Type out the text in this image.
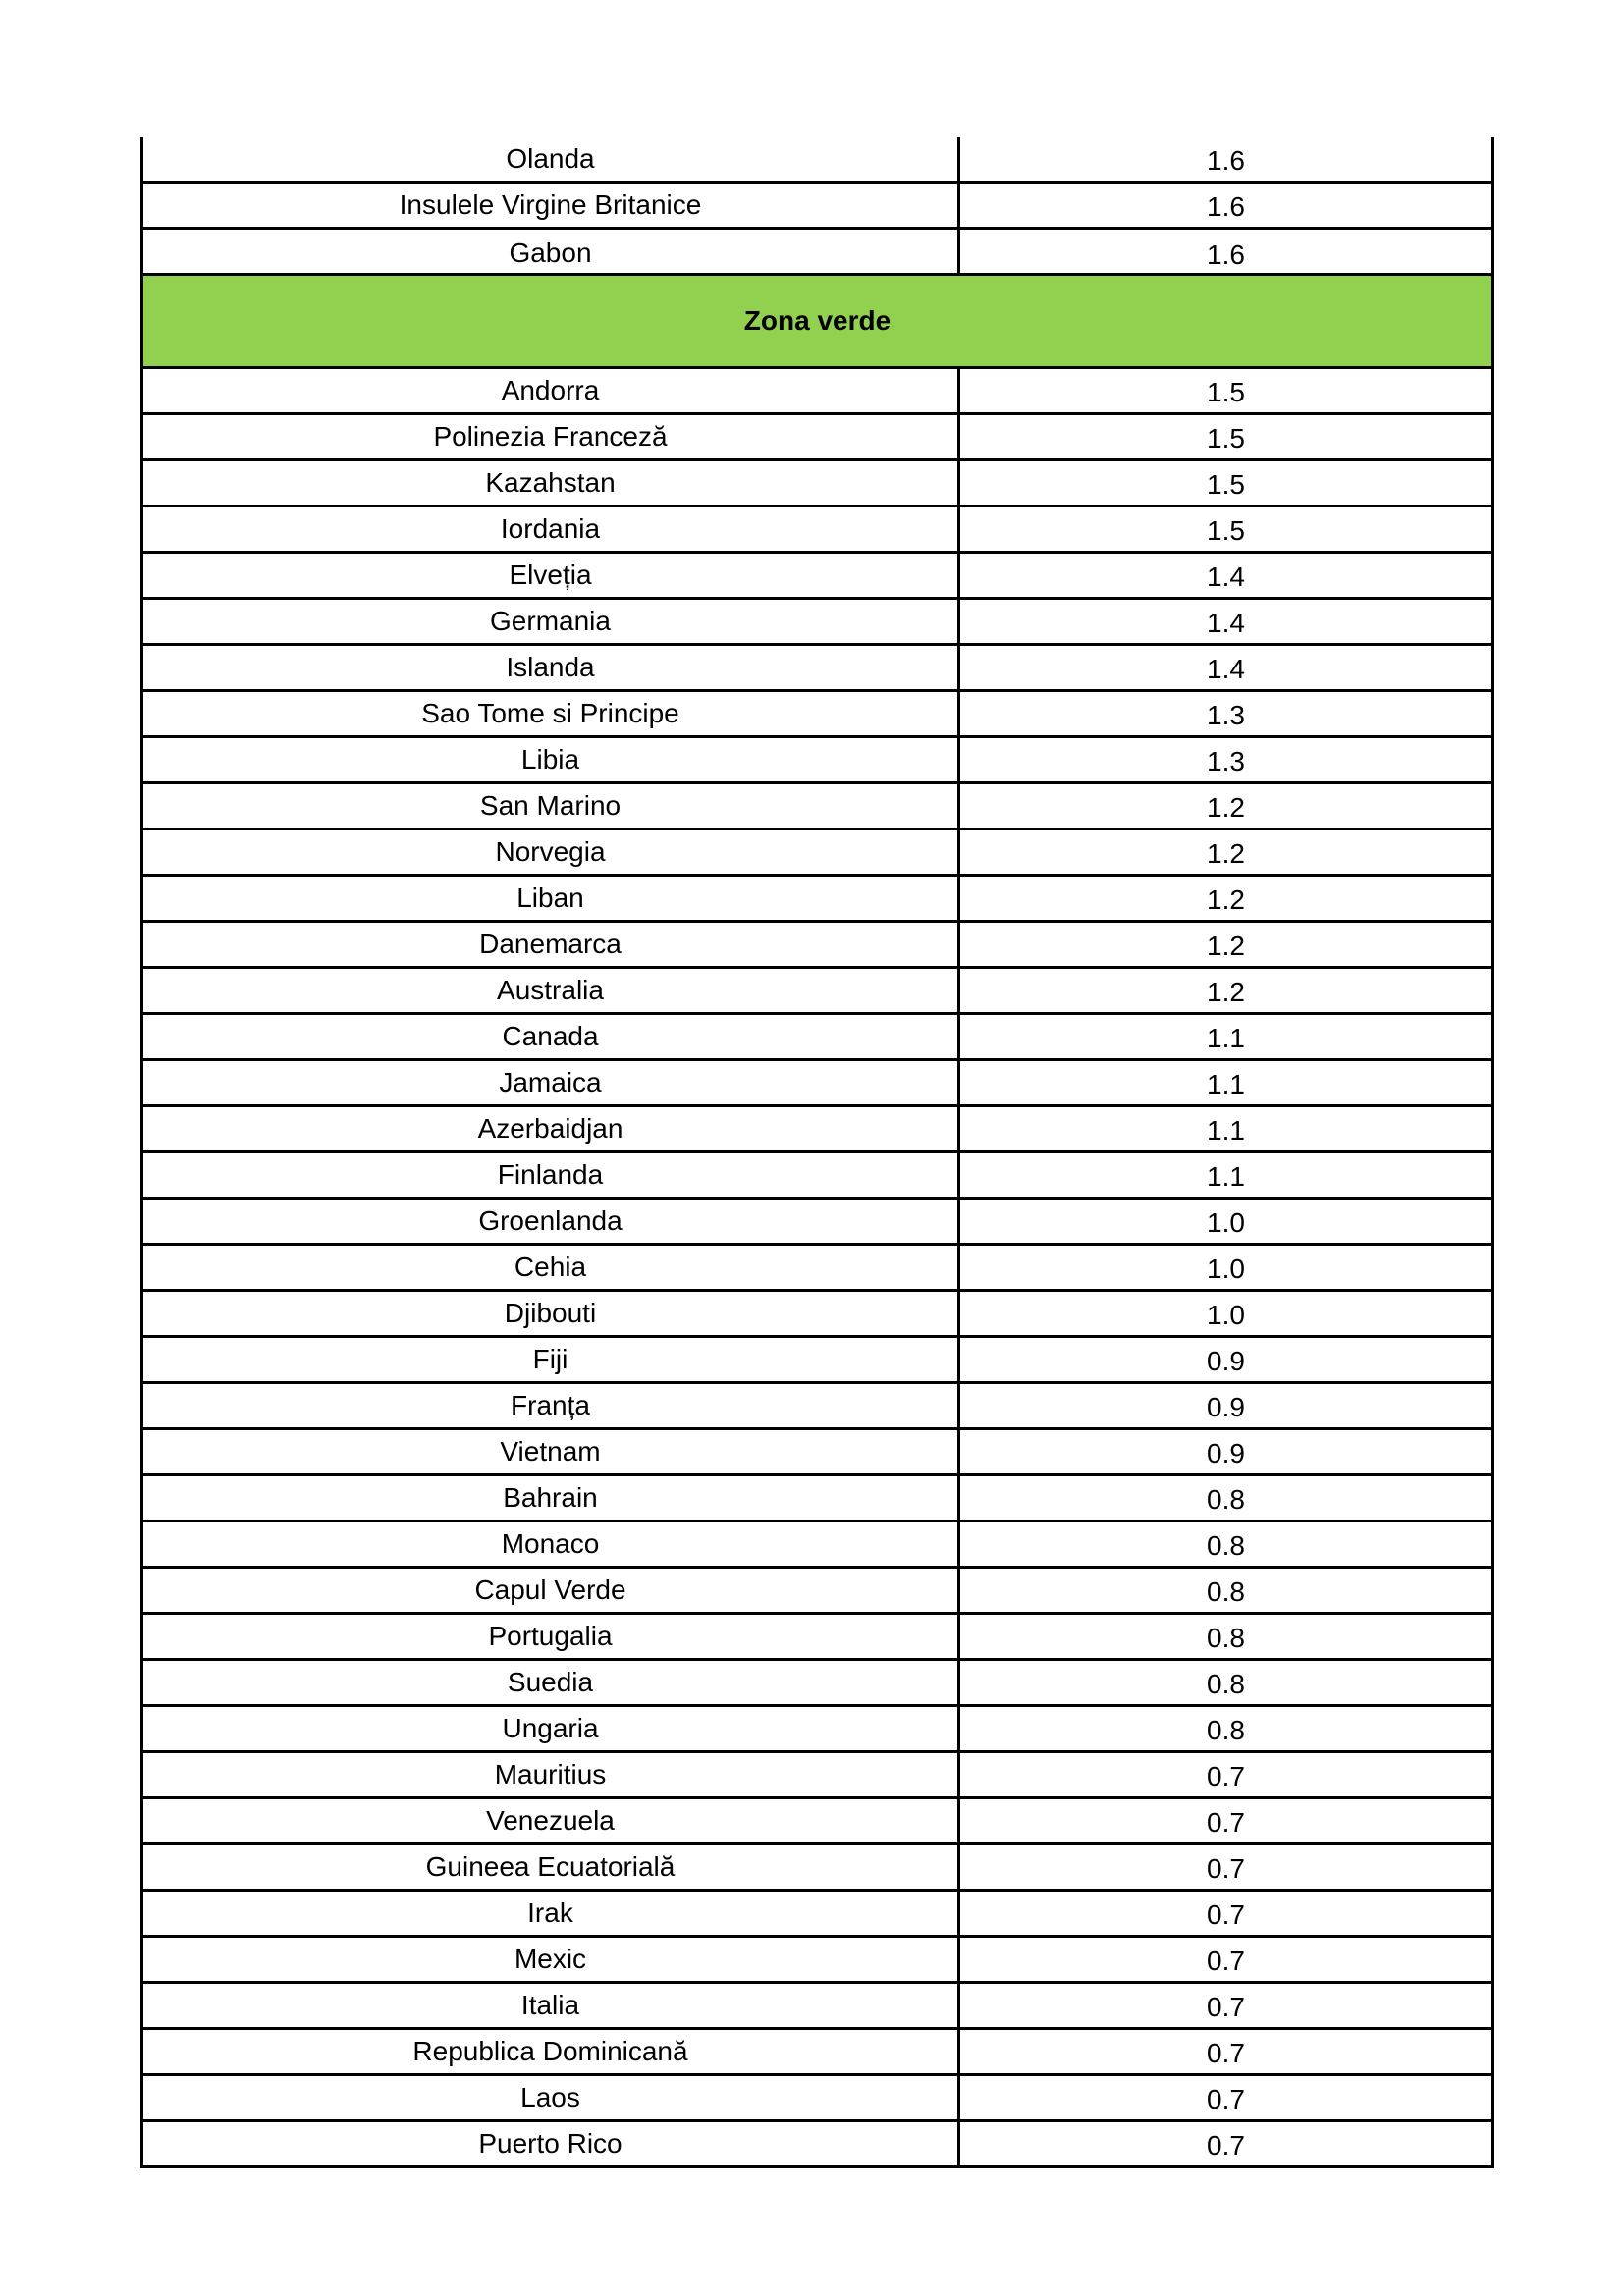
Olanda	1.6
Insulele Virgine Britanice	1.6
Gabon	1.6
Zona verde
Andorra	1.5
Polinezia Franceză	1.5
Kazahstan	1.5
Iordania	1.5
Elveția	1.4
Germania	1.4
Islanda	1.4
Sao Tome si Principe	1.3
Libia	1.3
San Marino	1.2
Norvegia	1.2
Liban	1.2
Danemarca	1.2
Australia	1.2
Canada	1.1
Jamaica	1.1
Azerbaidjan	1.1
Finlanda	1.1
Groenlanda	1.0
Cehia	1.0
Djibouti	1.0
Fiji	0.9
Franța	0.9
Vietnam	0.9
Bahrain	0.8
Monaco	0.8
Capul Verde	0.8
Portugalia	0.8
Suedia	0.8
Ungaria	0.8
Mauritius	0.7
Venezuela	0.7
Guineea Ecuatorială	0.7
Irak	0.7
Mexic	0.7
Italia	0.7
Republica Dominicană	0.7
Laos	0.7
Puerto Rico	0.7
